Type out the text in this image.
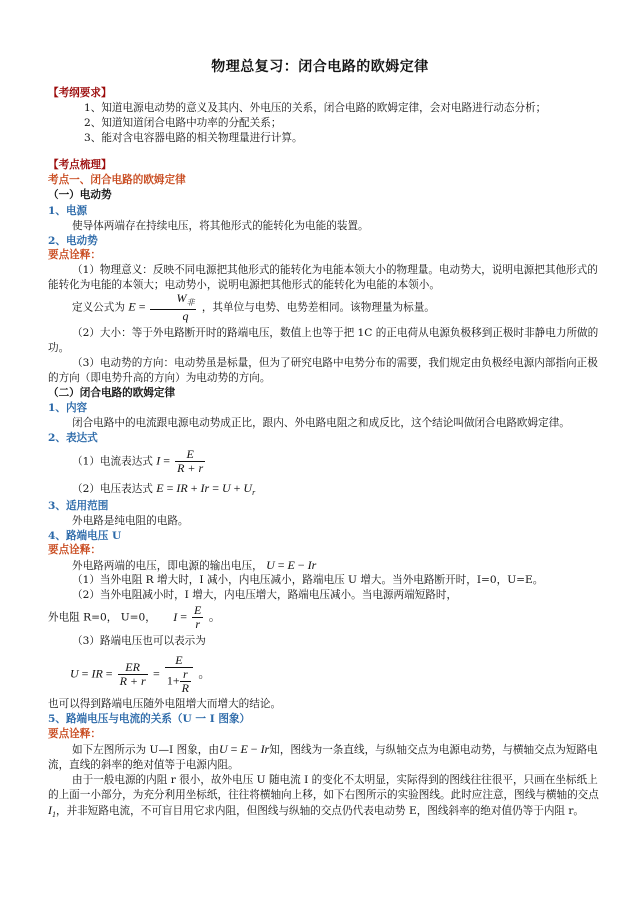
物理总复习：闭合电路的欧姆定律
【考纲要求】
1、知道电源电动势的意义及其内、外电压的关系，闭合电路的欧姆定律，会对电路进行动态分析；
2、知道知道闭合电路中功率的分配关系；
3、能对含电容器电路的相关物理量进行计算。
【考点梳理】
考点一、闭合电路的欧姆定律
（一）电动势
1、电源
使导体两端存在持续电压，将其他形式的能转化为电能的装置。
2、电动势
要点诠释：
（1）物理意义：反映不同电源把其他形式的能转化为电能本领大小的物理量。电动势大，说明电源把其他形式的能转化为电能的本领大；电动势小，说明电源把其他形式的能转化为电能的本领小。
定义公式为 $E = \frac{W_非}{q}$ ，其单位与电势、电势差相同。该物理量为标量。
（2）大小：等于外电路断开时的路端电压，数值上也等于把 1C 的正电荷从电源负极移到正极时非静电力所做的功。
（3）电动势的方向：电动势虽是标量，但为了研究电路中电势分布的需要，我们规定由负极经电源内部指向正极的方向（即电势升高的方向）为电动势的方向。
（二）闭合电路的欧姆定律
1、内容
闭合电路中的电流跟电源电动势成正比，跟内、外电路电阻之和成反比，这个结论叫做闭合电路欧姆定律。
2、表达式
（1）电流表达式 $I = \frac{E}{R + r}$
（2）电压表达式 E = IR + $Ir = U + U_r$
3、适用范围
外电路是纯电阻的电路。
4、路端电压 U
要点诠释：
外电路两端的电压，即电源的输出电压， U = E − Ir
（1）当外电阻 R 增大时，I 减小，内电压减小，路端电压 U 增大。当外电路断开时，I=0，U=E。
（2）当外电阻减小时，I 增大，内电压增大，路端电压减小。当电源两端短路时，
外电阻 R=0， U=0， $I = \frac{E}{r}$ 。
（3）路端电压也可以表示为
U = IR = $\frac{ER}{R + r} = \frac{E}{1+ \frac{r}{R}}$ 。
也可以得到路端电压随外电阻增大而增大的结论。
5、路端电压与电流的关系（U 一 I 图象）
要点诠释：
如下左图所示为 U—I 图象，由U = E − Ir知，图线为一条直线，与纵轴交点为电源电动势，与横轴交点为短路电流，直线的斜率的绝对值等于电源内阻。
由于一般电源的内阻 r 很小，故外电压 U 随电流 I 的变化不太明显，实际得到的图线往往很平，只画在坐标纸上的上面一小部分，为充分利用坐标纸，往往将横轴向上移，如下右图所示的实验图线。此时应注意，图线与横轴的交点$I_1$，并非短路电流，不可盲目用它求内阻，但图线与纵轴的交点仍代表电动势 E，图线斜率的绝对值仍等于内阻 r。
